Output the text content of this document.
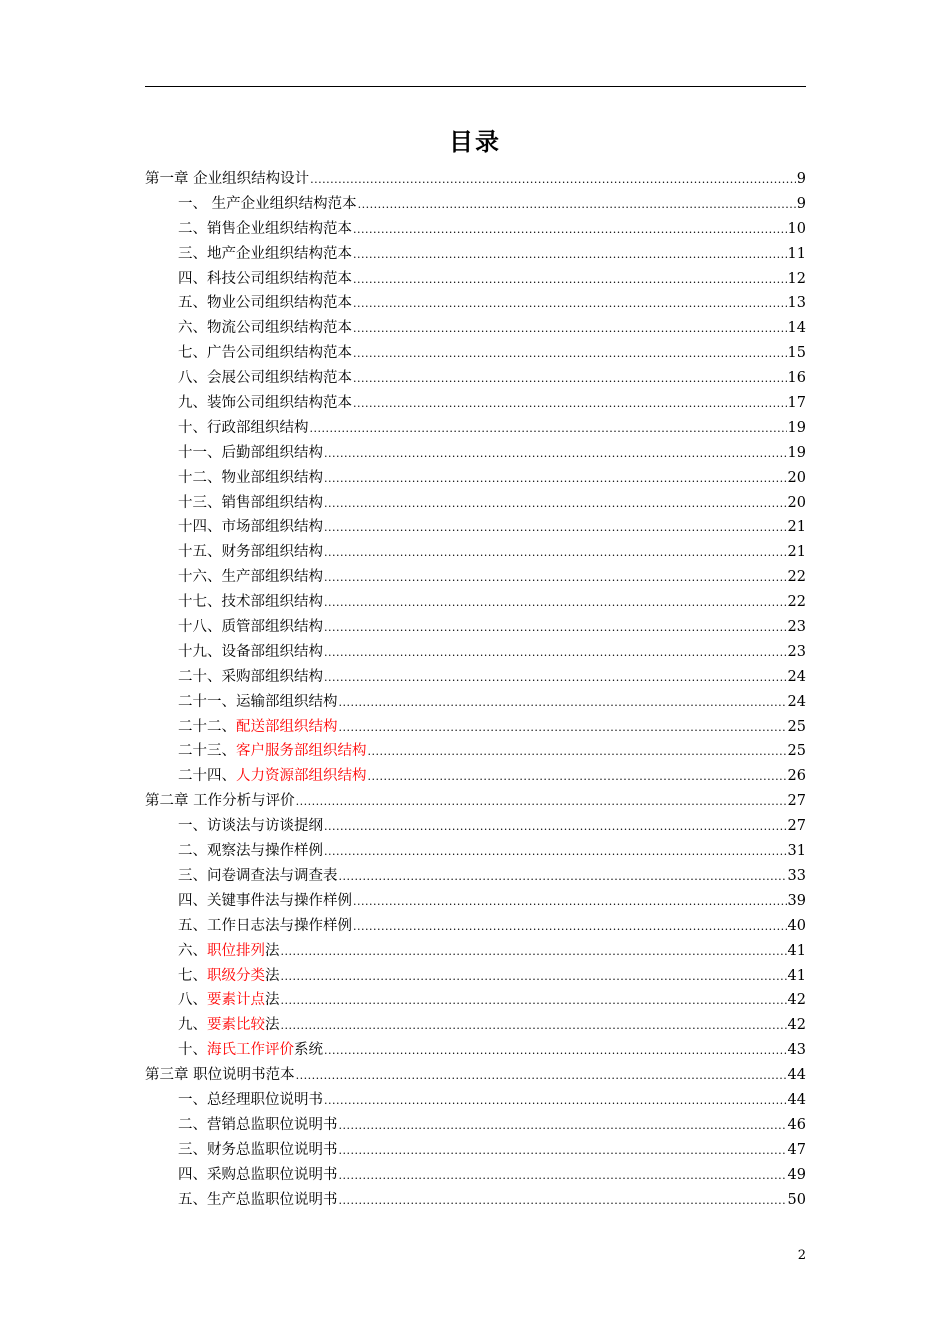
目录
第一章 企业组织结构设计 .....	9
一、 生产企业组织结构范本 .....	9
二、销售企业组织结构范本 .....	10
三、地产企业组织结构范本 .....	11
四、科技公司组织结构范本 .....	12
五、物业公司组织结构范本 .....	13
六、物流公司组织结构范本 .....	14
七、广告公司组织结构范本 .....	15
八、会展公司组织结构范本 .....	16
九、装饰公司组织结构范本 .....	17
十、行政部组织结构 .....	19
十一、后勤部组织结构 .....	19
十二、物业部组织结构 .....	20
十三、销售部组织结构 .....	20
十四、市场部组织结构 .....	21
十五、财务部组织结构 .....	21
十六、生产部组织结构 .....	22
十七、技术部组织结构 .....	22
十八、质管部组织结构 .....	23
十九、设备部组织结构 .....	23
二十、采购部组织结构 .....	24
二十一、运输部组织结构 .....	24
二十二、 配送部组织结构 .....	25
二十三、 客户服务部组织结构 .....	25
二十四、 人力资源部组织结构 .....	26
第二章 工作分析与评价 .....	27
一、访谈法与访谈提纲 .....	27
二、观察法与操作样例 .....	31
三、问卷调查法与调查表 .....	33
四、关键事件法与操作样例 .....	39
五、工作日志法与操作样例 .....	40
六、 职位排列 法 .....	41
七、 职级分类 法 .....	41
八、 要素计点 法 .....	42
九、 要素比较 法 .....	42
十、 海氏工作评价 系统 .....	43
第三章 职位说明书范本 .....	44
一、总经理职位说明书 .....	44
二、营销总监职位说明书 .....	46
三、财务总监职位说明书 .....	47
四、采购总监职位说明书 .....	49
五、生产总监职位说明书 .....	50
2
